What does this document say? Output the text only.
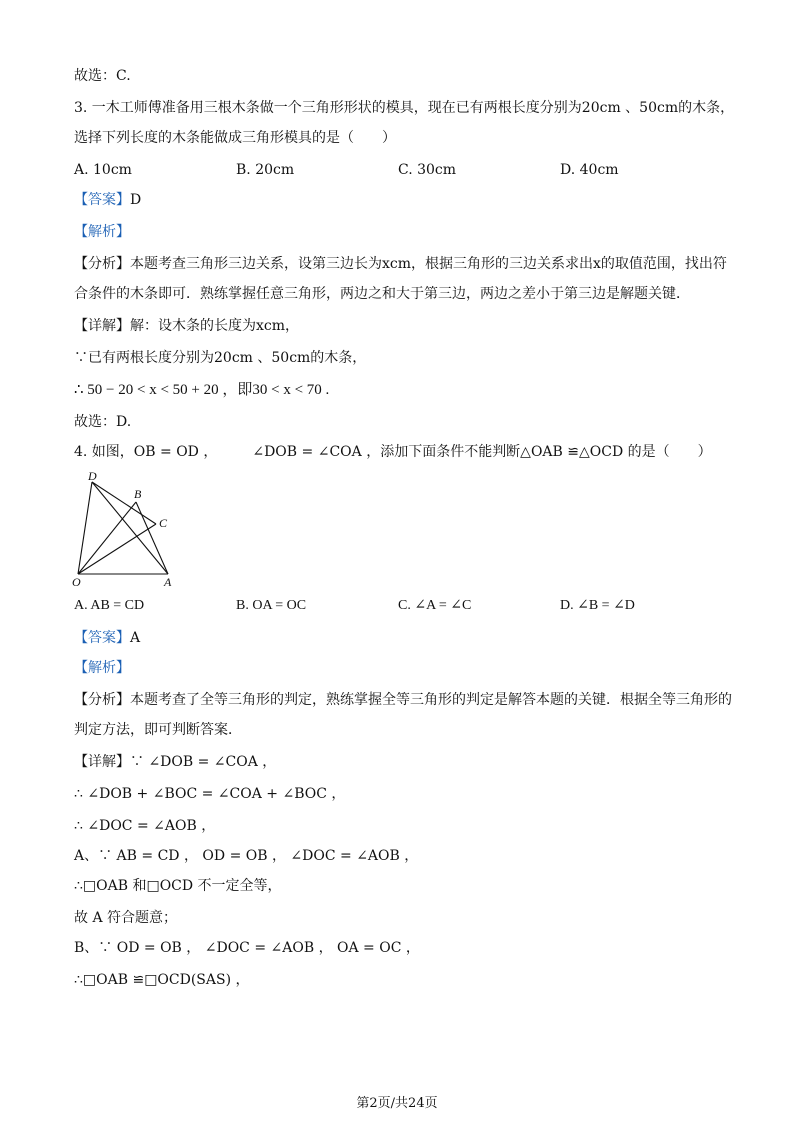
故选：C.
3. 一木工师傅准备用三根木条做一个三角形形状的模具，现在已有两根长度分别为20cm 、50cm的木条，
选择下列长度的木条能做成三角形模具的是（　　）
A. 10cm	B. 20cm	C. 30cm	D. 40cm
【答案】D
【解析】
【分析】本题考查三角形三边关系，设第三边长为xcm，根据三角形的三边关系求出x的取值范围，找出符
合条件的木条即可．熟练掌握任意三角形，两边之和大于第三边，两边之差小于第三边是解题关键．
【详解】解：设木条的长度为xcm，
∵已有两根长度分别为20cm 、50cm的木条，
∴ 50 − 20 < x < 50 + 20 ，即30 < x < 70 .
故选：D.
4. 如图，OB = OD ，　　　∠DOB = ∠COA ，添加下面条件不能判断△OAB ≌△OCD 的是（　　）
D
B
C
O	A
A. AB = CD	B. OA = OC	C. ∠A = ∠C	D. ∠B = ∠D
【答案】A
【解析】
【分析】本题考查了全等三角形的判定，熟练掌握全等三角形的判定是解答本题的关键．根据全等三角形的
判定方法，即可判断答案．
【详解】∵ ∠DOB = ∠COA ，
∴ ∠DOB + ∠BOC = ∠COA + ∠BOC ，
∴ ∠DOC = ∠AOB ，
A、∵ AB = CD ， OD = OB ， ∠DOC = ∠AOB ，
∴□OAB 和□OCD 不一定全等，
故 A 符合题意；
B、∵ OD = OB ， ∠DOC = ∠AOB ， OA = OC ，
∴□OAB ≌□OCD(SAS) ，
第2页/共24页
